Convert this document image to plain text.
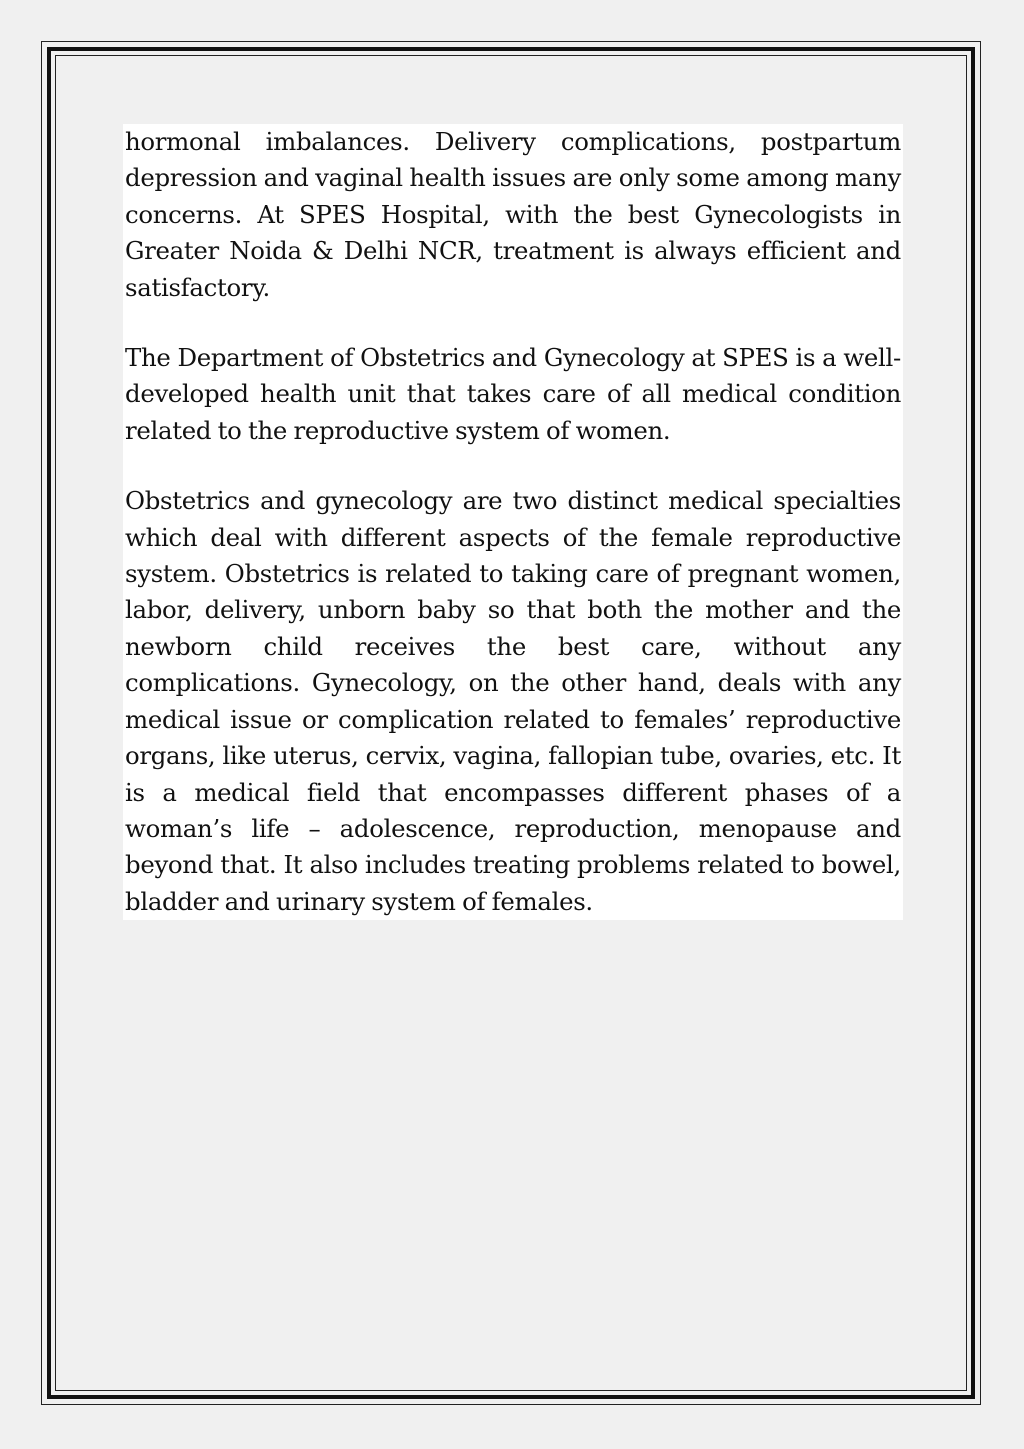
hormonal imbalances. Delivery complications, postpartum depression and vaginal health issues are only some among many concerns. At SPES Hospital, with the best Gynecologists in Greater Noida & Delhi NCR, treatment is always efficient and satisfactory.

The Department of Obstetrics and Gynecology at SPES is a well-developed health unit that takes care of all medical condition related to the reproductive system of women.

Obstetrics and gynecology are two distinct medical specialties which deal with different aspects of the female reproductive system. Obstetrics is related to taking care of pregnant women, labor, delivery, unborn baby so that both the mother and the newborn child receives the best care, without any complications. Gynecology, on the other hand, deals with any medical issue or complication related to females’ reproductive organs, like uterus, cervix, vagina, fallopian tube, ovaries, etc. It is a medical field that encompasses different phases of a woman’s life – adolescence, reproduction, menopause and beyond that. It also includes treating problems related to bowel, bladder and urinary system of females.
